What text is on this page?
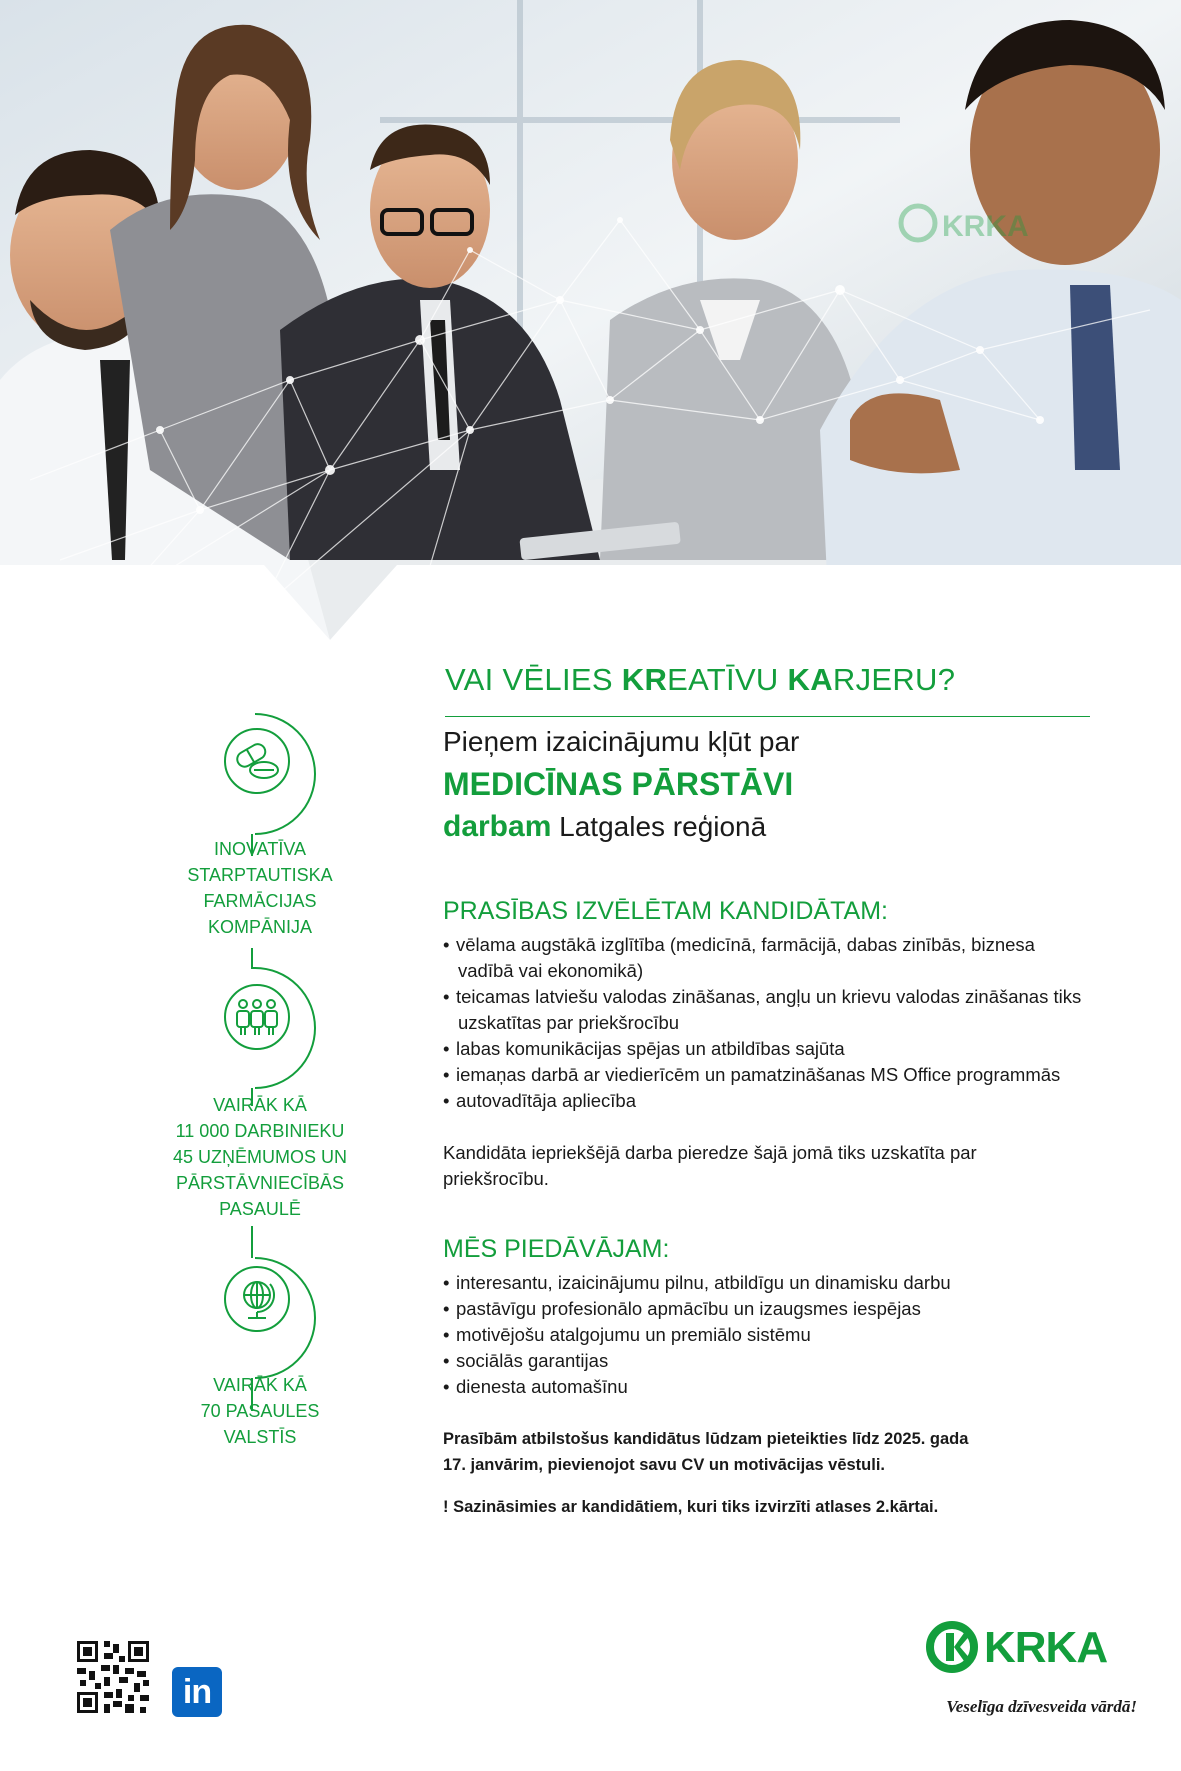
KRKA
VAI VĒLIES KREATĪVU KARJERU?
Pieņem izaicinājumu kļūt par
MEDICĪNAS PĀRSTĀVI
darbam Latgales reģionā
PRASĪBAS IZVĒLĒTAM KANDIDĀTAM:
• vēlama augstākā izglītība (medicīnā, farmācijā, dabas zinībās, biznesa
vadībā vai ekonomikā)
• teicamas latviešu valodas zināšanas, angļu un krievu valodas zināšanas tiks
uzskatītas par priekšrocību
• labas komunikācijas spējas un atbildības sajūta
• iemaņas darbā ar viedierīcēm un pamatzināšanas MS Office programmās
• autovadītāja apliecība
Kandidāta iepriekšējā darba pieredze šajā jomā tiks uzskatīta par
priekšrocību.
MĒS PIEDĀVĀJAM:
• interesantu, izaicinājumu pilnu, atbildīgu un dinamisku darbu
• pastāvīgu profesionālo apmācību un izaugsmes iespējas
• motivējošu atalgojumu un premiālo sistēmu
• sociālās garantijas
• dienesta automašīnu
Prasībām atbilstošus kandidātus lūdzam pieteikties līdz 2025. gada
17. janvārim, pievienojot savu CV un motivācijas vēstuli.
! Sazināsimies ar kandidātiem, kuri tiks izvirzīti atlases 2.kārtai.
INOVATĪVA
STARPTAUTISKA
FARMĀCIJAS
KOMPĀNIJA
VAIRĀK KĀ
11 000 DARBINIEKU
45 UZŅĒMUMOS UN
PĀRSTĀVNIECĪBĀS
PASAULĒ
VAIRĀK KĀ
70 PASAULES
VALSTĪS
in
KRKA
Veselīga dzīvesveida vārdā!
